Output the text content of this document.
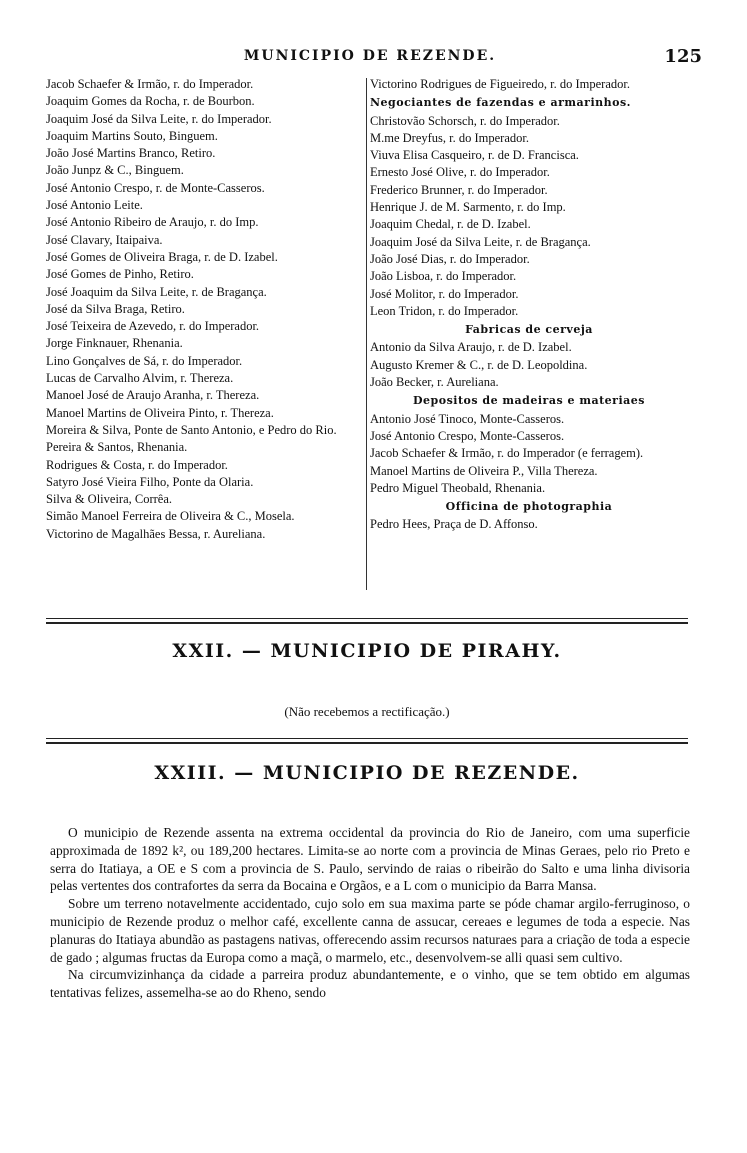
MUNICIPIO DE REZENDE.	125
Jacob Schaefer & Irmão, r. do Imperador.
Joaquim Gomes da Rocha, r. de Bourbon.
Joaquim José da Silva Leite, r. do Imperador.
Joaquim Martins Souto, Binguem.
João José Martins Branco, Retiro.
João Junpz & C., Binguem.
José Antonio Crespo, r. de Monte-Casseros.
José Antonio Leite.
José Antonio Ribeiro de Araujo, r. do Imp.
José Clavary, Itaipaiva.
José Gomes de Oliveira Braga, r. de D. Izabel.
José Gomes de Pinho, Retiro.
José Joaquim da Silva Leite, r. de Bragança.
José da Silva Braga, Retiro.
José Teixeira de Azevedo, r. do Imperador.
Jorge Finknauer, Rhenania.
Lino Gonçalves de Sá, r. do Imperador.
Lucas de Carvalho Alvim, r. Thereza.
Manoel José de Araujo Aranha, r. Thereza.
Manoel Martins de Oliveira Pinto, r. Thereza.
Moreira & Silva, Ponte de Santo Antonio, e Pedro do Rio.
Pereira & Santos, Rhenania.
Rodrigues & Costa, r. do Imperador.
Satyro José Vieira Filho, Ponte da Olaria.
Silva & Oliveira, Corrêa.
Simão Manoel Ferreira de Oliveira & C., Mosela.
Victorino de Magalhães Bessa, r. Aureliana.
Victorino Rodrigues de Figueiredo, r. do Imperador.
Negociantes de fazendas e armarinhos.
Christovão Schorsch, r. do Imperador.
M.me Dreyfus, r. do Imperador.
Viuva Elisa Casqueiro, r. de D. Francisca.
Ernesto José Olive, r. do Imperador.
Frederico Brunner, r. do Imperador.
Henrique J. de M. Sarmento, r. do Imp.
Joaquim Chedal, r. de D. Izabel.
Joaquim José da Silva Leite, r. de Bragança.
João José Dias, r. do Imperador.
João Lisboa, r. do Imperador.
José Molitor, r. do Imperador.
Leon Tridon, r. do Imperador.
Fabricas de cerveja
Antonio da Silva Araujo, r. de D. Izabel.
Augusto Kremer & C., r. de D. Leopoldina.
João Becker, r. Aureliana.
Depositos de madeiras e materiaes
Antonio José Tinoco, Monte-Casseros.
José Antonio Crespo, Monte-Casseros.
Jacob Schaefer & Irmão, r. do Imperador (e ferragem).
Manoel Martins de Oliveira P., Villa Thereza.
Pedro Miguel Theobald, Rhenania.
Officina de photographia
Pedro Hees, Praça de D. Affonso.
XXII. — MUNICIPIO DE PIRAHY.
(Não recebemos a rectificação.)
XXIII. — MUNICIPIO DE REZENDE.

O municipio de Rezende assenta na extrema occidental da provincia do Rio de Janeiro, com uma superficie approximada de 1892 k², ou 189,200 hectares. Limita-se ao norte com a provincia de Minas Geraes, pelo rio Preto e serra do Itatiaya, a OE e S com a provincia de S. Paulo, servindo de raias o ribeirão do Salto e uma linha divisoria pelas vertentes dos contrafortes da serra da Bocaina e Orgãos, e a L com o municipio da Barra Mansa.

Sobre um terreno notavelmente accidentado, cujo solo em sua maxima parte se póde chamar argilo-ferruginoso, o municipio de Rezende produz o melhor café, excellente canna de assucar, cereaes e legumes de toda a especie. Nas planuras do Itatiaya abundão as pastagens nativas, offerecendo assim recursos naturaes para a criação de toda a especie de gado ; algumas fructas da Europa como a maçã, o marmelo, etc., desenvolvem-se alli quasi sem cultivo.

Na circumvizinhança da cidade a parreira produz abundantemente, e o vinho, que se tem obtido em algumas tentativas felizes, assemelha-se ao do Rheno, sendo
